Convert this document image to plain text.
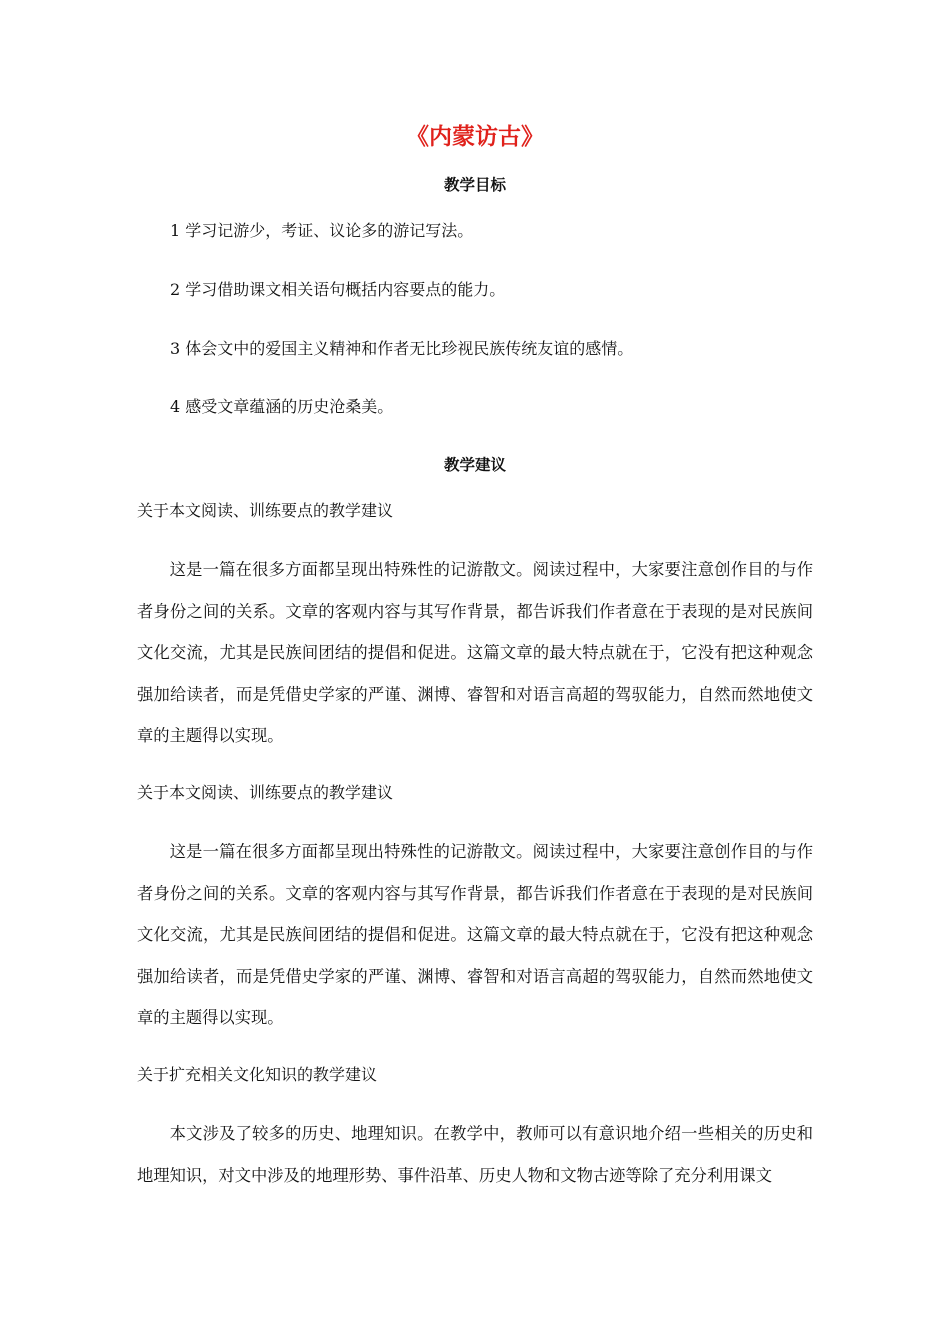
《内蒙访古》
教学目标
1 学习记游少，考证、议论多的游记写法。
2 学习借助课文相关语句概括内容要点的能力。
3 体会文中的爱国主义精神和作者无比珍视民族传统友谊的感情。
4 感受文章蕴涵的历史沧桑美。
教学建议
关于本文阅读、训练要点的教学建议

这是一篇在很多方面都呈现出特殊性的记游散文。阅读过程中，大家要注意创作目的与作者身份之间的关系。文章的客观内容与其写作背景，都告诉我们作者意在于表现的是对民族间文化交流，尤其是民族间团结的提倡和促进。这篇文章的最大特点就在于，它没有把这种观念强加给读者，而是凭借史学家的严谨、渊博、睿智和对语言高超的驾驭能力，自然而然地使文章的主题得以实现。

关于本文阅读、训练要点的教学建议

这是一篇在很多方面都呈现出特殊性的记游散文。阅读过程中，大家要注意创作目的与作者身份之间的关系。文章的客观内容与其写作背景，都告诉我们作者意在于表现的是对民族间文化交流，尤其是民族间团结的提倡和促进。这篇文章的最大特点就在于，它没有把这种观念强加给读者，而是凭借史学家的严谨、渊博、睿智和对语言高超的驾驭能力，自然而然地使文章的主题得以实现。

关于扩充相关文化知识的教学建议

本文涉及了较多的历史、地理知识。在教学中，教师可以有意识地介绍一些相关的历史和地理知识，对文中涉及的地理形势、事件沿革、历史人物和文物古迹等除了充分利用课文
